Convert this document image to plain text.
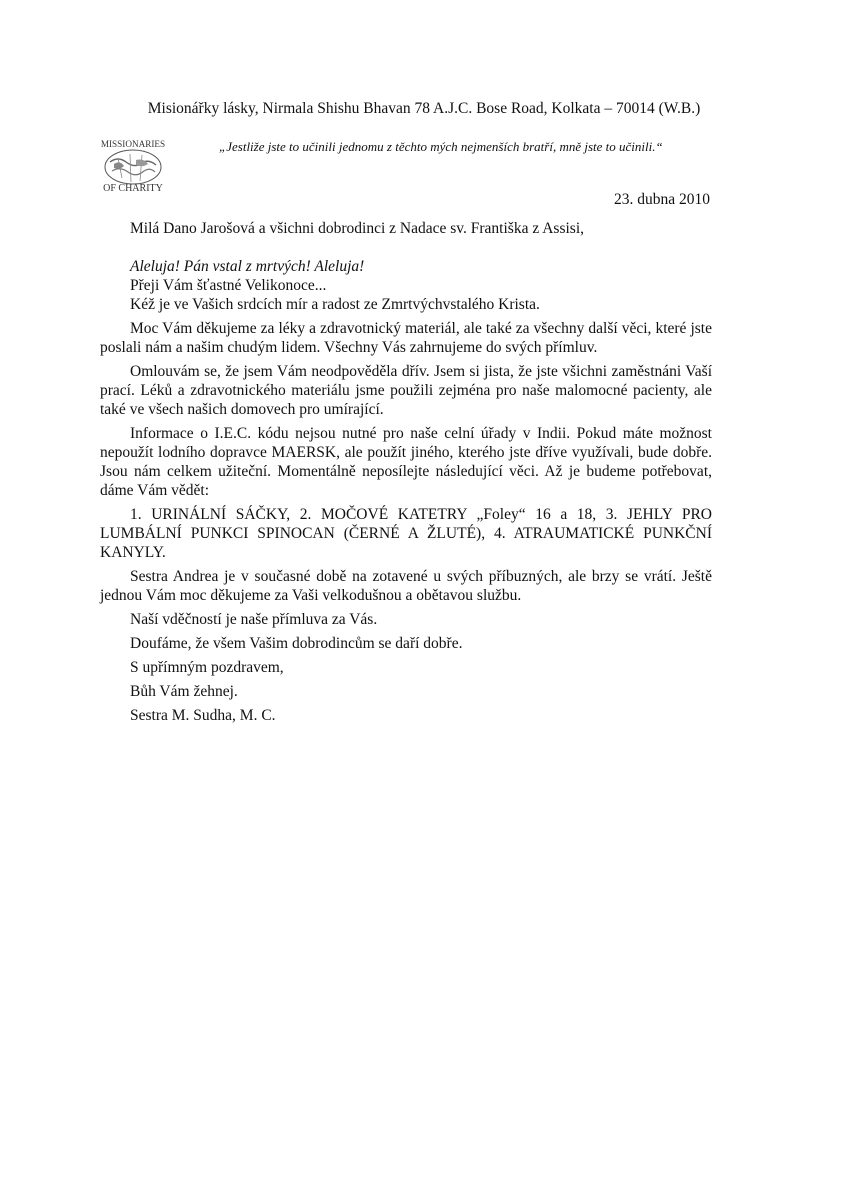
Misionářky lásky, Nirmala Shishu Bhavan 78 A.J.C. Bose Road, Kolkata – 70014 (W.B.)
MISSIONARIES
OF CHARITY
„Jestliže jste to učinili jednomu z těchto mých nejmenších bratří, mně jste to učinili.“
23. dubna 2010

Milá Dano Jarošová a všichni dobrodinci z Nadace sv. Františka z Assisi,

Aleluja! Pán vstal z mrtvých! Aleluja!
Přeji Vám šťastné Velikonoce...
Kéž je ve Vašich srdcích mír a radost ze Zmrtvýchvstalého Krista.

Moc Vám děkujeme za léky a zdravotnický materiál, ale také za všechny další věci, které jste poslali nám a našim chudým lidem. Všechny Vás zahrnujeme do svých přímluv.

Omlouvám se, že jsem Vám neodpověděla dřív. Jsem si jista, že jste všichni zaměstnáni Vaší prací. Léků a zdravotnického materiálu jsme použili zejména pro naše malomocné pacienty, ale také ve všech našich domovech pro umírající.

Informace o I.E.C. kódu nejsou nutné pro naše celní úřady v Indii. Pokud máte možnost nepoužít lodního dopravce MAERSK, ale použít jiného, kterého jste dříve využívali, bude dobře. Jsou nám celkem užiteční. Momentálně neposílejte následující věci. Až je budeme potřebovat, dáme Vám vědět:

1. URINÁLNÍ SÁČKY, 2. MOČOVÉ KATETRY „Foley“ 16 a 18, 3. JEHLY PRO LUMBÁLNÍ PUNKCI SPINOCAN (ČERNÉ A ŽLUTÉ), 4. ATRAUMATICKÉ PUNKČNÍ KANYLY.

Sestra Andrea je v současné době na zotavené u svých příbuzných, ale brzy se vrátí. Ještě jednou Vám moc děkujeme za Vaši velkodušnou a obětavou službu.

Naší vděčností je naše přímluva za Vás.

Doufáme, že všem Vašim dobrodincům se daří dobře.

S upřímným pozdravem,

Bůh Vám žehnej.

Sestra M. Sudha, M. C.
